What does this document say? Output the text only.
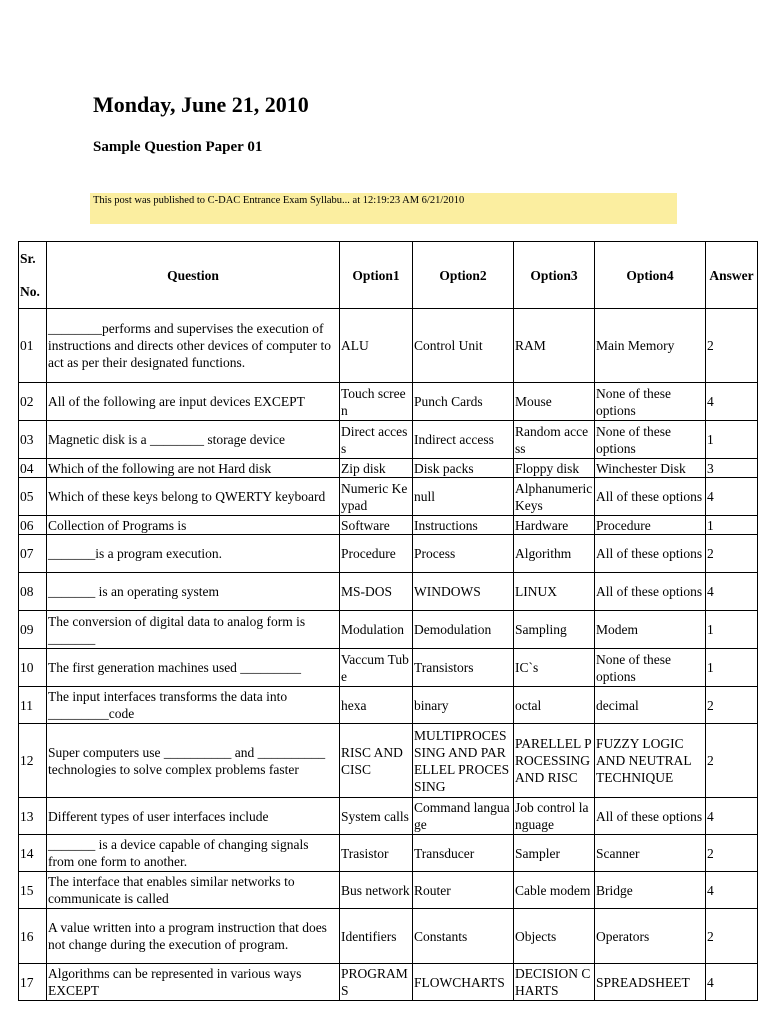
Monday, June 21, 2010
Sample Question Paper 01
This post was published to C-DAC Entrance Exam Syllabu... at 12:19:23 AM 6/21/2010
Sr.
No.	Question	Option1	Option2	Option3	Option4	Answer
01	________performs and supervises the execution of instructions and directs other devices of computer to act as per their designated functions.	ALU	Control Unit	RAM	Main Memory	2
02	All of the following are input devices EXCEPT	Touch screen	Punch Cards	Mouse	None of these options	4
03	Magnetic disk is a ________ storage device	Direct access	Indirect access	Random access	None of these options	1
04	Which of the following are not Hard disk	Zip disk	Disk packs	Floppy disk	Winchester Disk	3
05	Which of these keys belong to QWERTY keyboard	Numeric Keypad	null	Alphanumeric Keys	All of these options	4
06	Collection of Programs is	Software	Instructions	Hardware	Procedure	1
07	_______is a program execution.	Procedure	Process	Algorithm	All of these options	2
08	_______ is an operating system	MS-DOS	WINDOWS	LINUX	All of these options	4
09	The conversion of digital data to analog form is _______	Modulation	Demodulation	Sampling	Modem	1
10	The first generation machines used _________	Vaccum Tube	Transistors	IC`s	None of these options	1
11	The input interfaces transforms the data into _________code	hexa	binary	octal	decimal	2
12	Super computers use __________ and __________ technologies to solve complex problems faster	RISC AND CISC	MULTIPROCESSING AND PARELLEL PROCESSING	PARELLEL PROCESSING AND RISC	FUZZY LOGIC AND NEUTRAL TECHNIQUE	2
13	Different types of user interfaces include	System calls	Command language	Job control language	All of these options	4
14	_______ is a device capable of changing signals from one form to another.	Trasistor	Transducer	Sampler	Scanner	2
15	The interface that enables similar networks to communicate is called	Bus network	Router	Cable modem	Bridge	4
16	A value written into a program instruction that does not change during the execution of program.	Identifiers	Constants	Objects	Operators	2
17	Algorithms can be represented in various ways EXCEPT	PROGRAMS	FLOWCHARTS	DECISION CHARTS	SPREADSHEET	4
